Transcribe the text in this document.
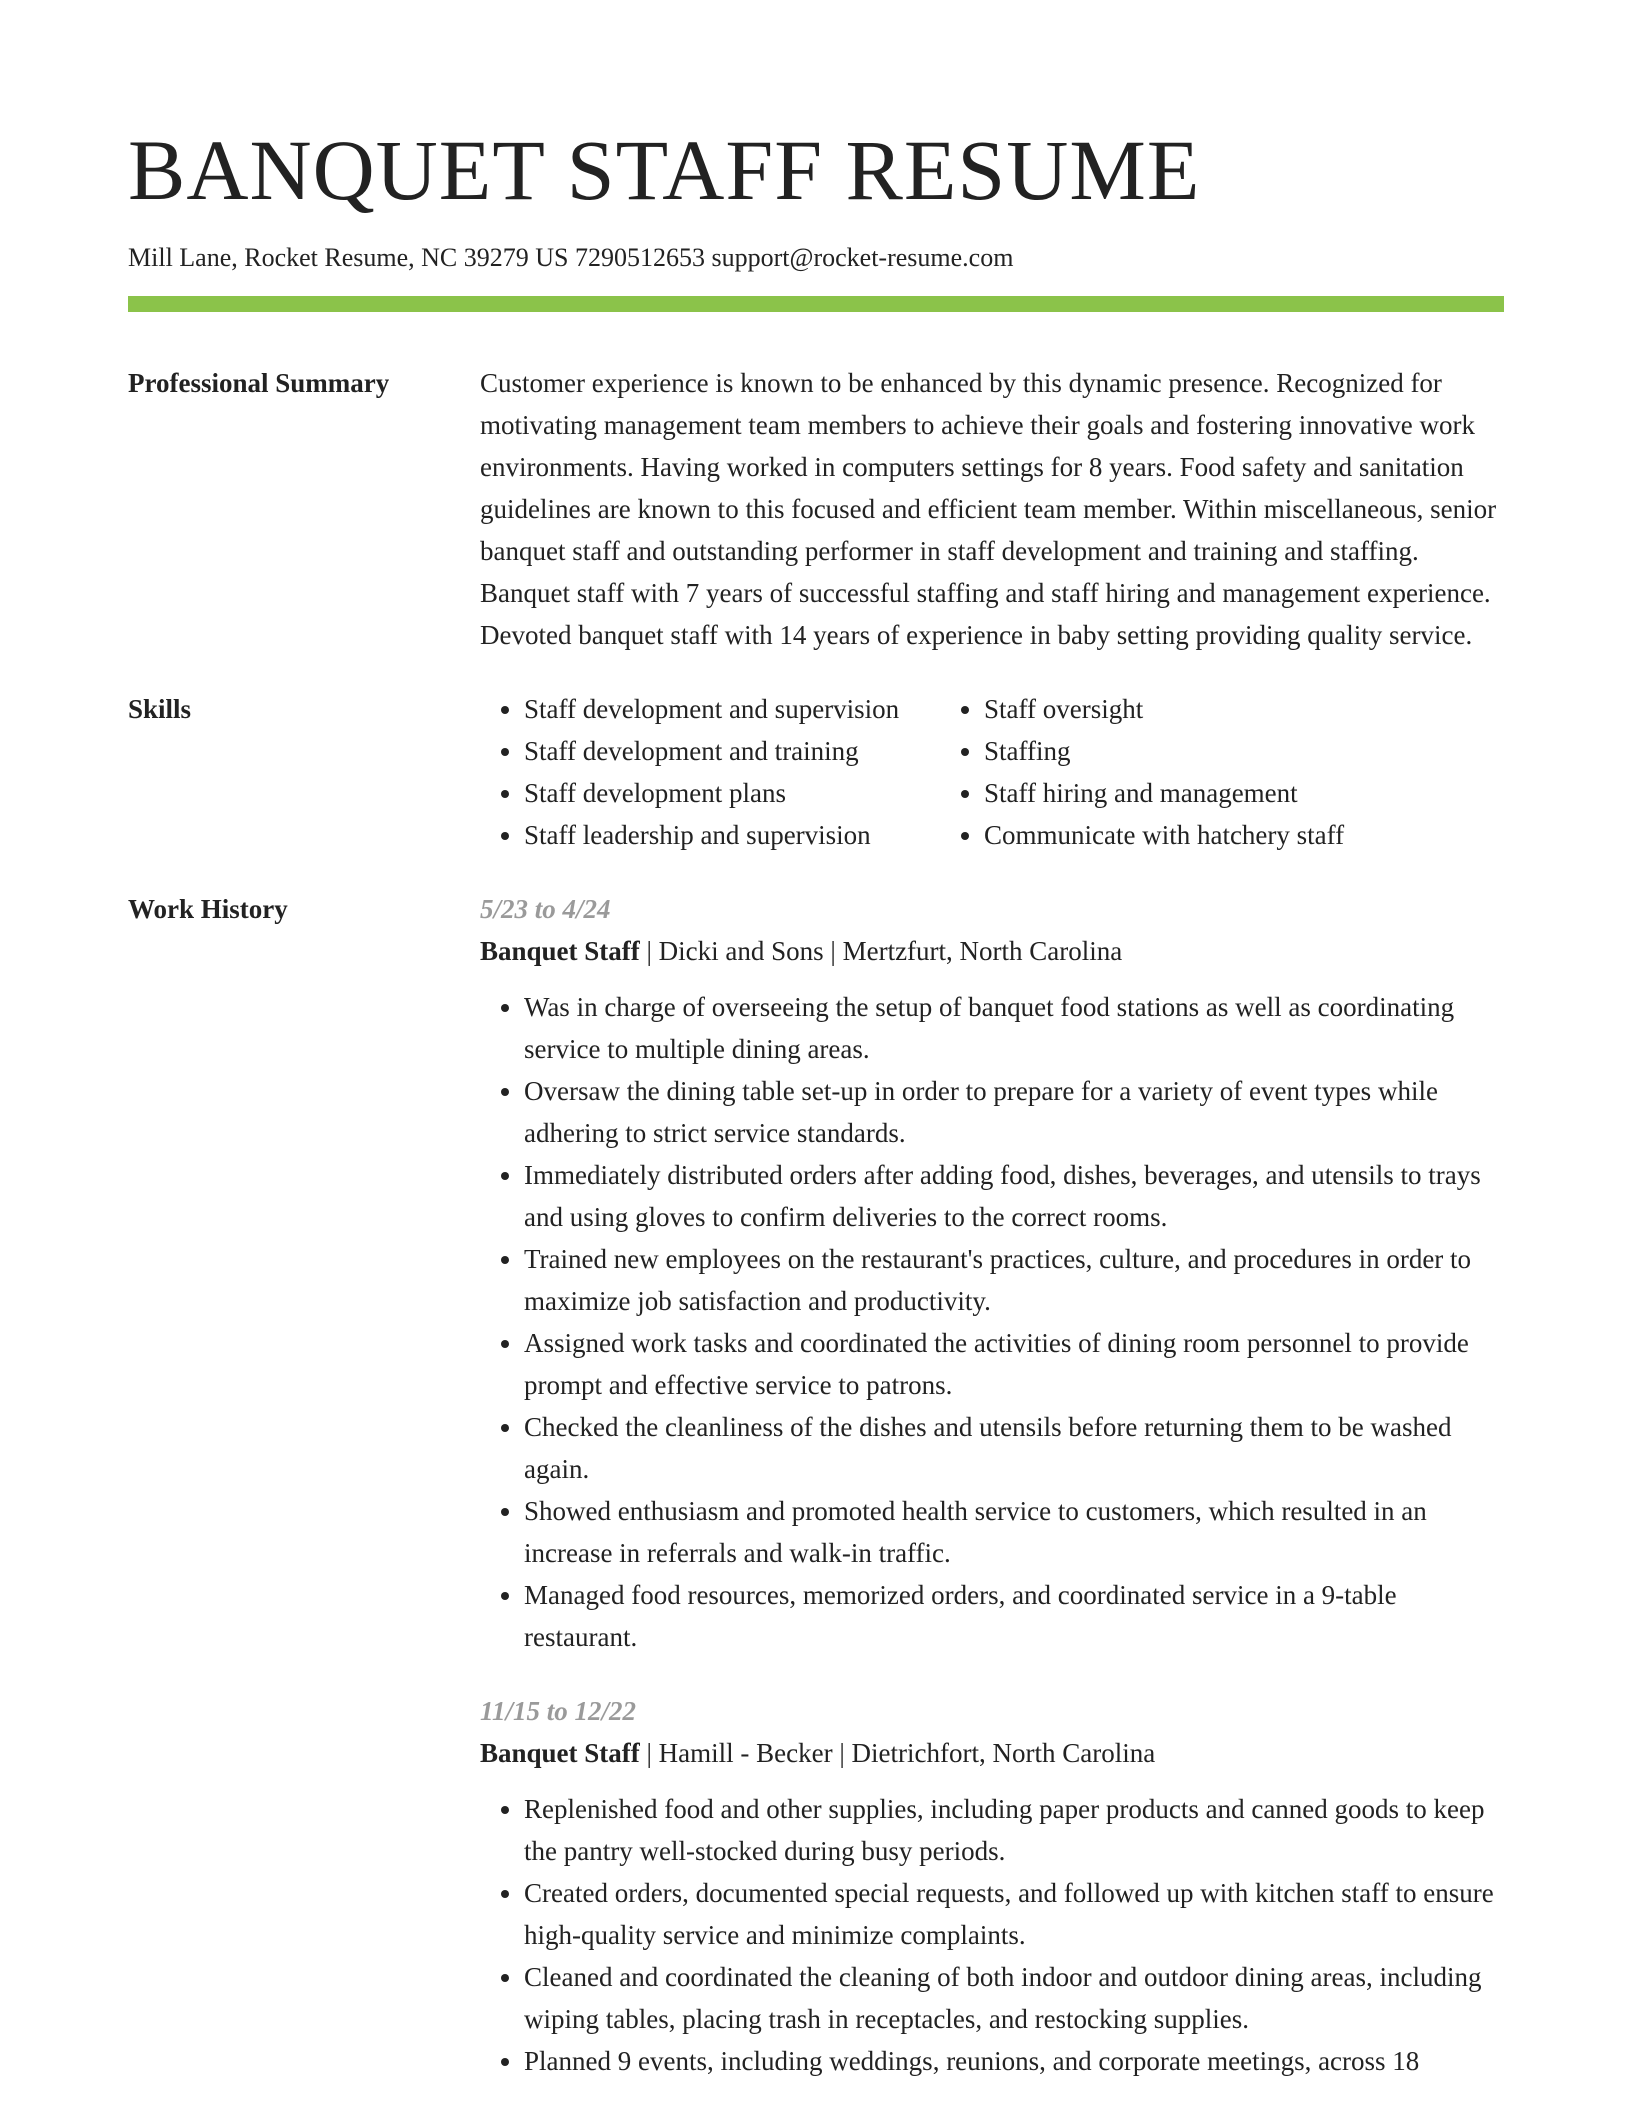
BANQUET STAFF RESUME
Mill Lane, Rocket Resume, NC 39279 US 7290512653 support@rocket-resume.com
Professional Summary	Customer experience is known to be enhanced by this dynamic presence. Recognized for motivating management team members to achieve their goals and fostering innovative work environments. Having worked in computers settings for 8 years. Food safety and sanitation guidelines are known to this focused and efficient team member. Within miscellaneous, senior banquet staff and outstanding performer in staff development and training and staffing. Banquet staff with 7 years of successful staffing and staff hiring and management experience. Devoted banquet staff with 14 years of experience in baby setting providing quality service.

Skills
•	Staff development and supervision
• Staff development and training
• Staff development plans
• Staff leadership and supervision
• Staff oversight
• Staffing
• Staff hiring and management
• Communicate with hatchery staff
Work History	5/23 to 4/24
Banquet Staff | Dicki and Sons | Mertzfurt, North Carolina
• Was in charge of overseeing the setup of banquet food stations as well as coordinating service to multiple dining areas.
• Oversaw the dining table set-up in order to prepare for a variety of event types while adhering to strict service standards.
• Immediately distributed orders after adding food, dishes, beverages, and utensils to trays and using gloves to confirm deliveries to the correct rooms.
• Trained new employees on the restaurant's practices, culture, and procedures in order to maximize job satisfaction and productivity.
• Assigned work tasks and coordinated the activities of dining room personnel to provide prompt and effective service to patrons.
• Checked the cleanliness of the dishes and utensils before returning them to be washed again.
• Showed enthusiasm and promoted health service to customers, which resulted in an increase in referrals and walk-in traffic.
• Managed food resources, memorized orders, and coordinated service in a 9-table restaurant.
11/15 to 12/22
Banquet Staff | Hamill - Becker | Dietrichfort, North Carolina
• Replenished food and other supplies, including paper products and canned goods to keep the pantry well-stocked during busy periods.
• Created orders, documented special requests, and followed up with kitchen staff to ensure high-quality service and minimize complaints.
• Cleaned and coordinated the cleaning of both indoor and outdoor dining areas, including wiping tables, placing trash in receptacles, and restocking supplies.
• Planned 9 events, including weddings, reunions, and corporate meetings, across 18
